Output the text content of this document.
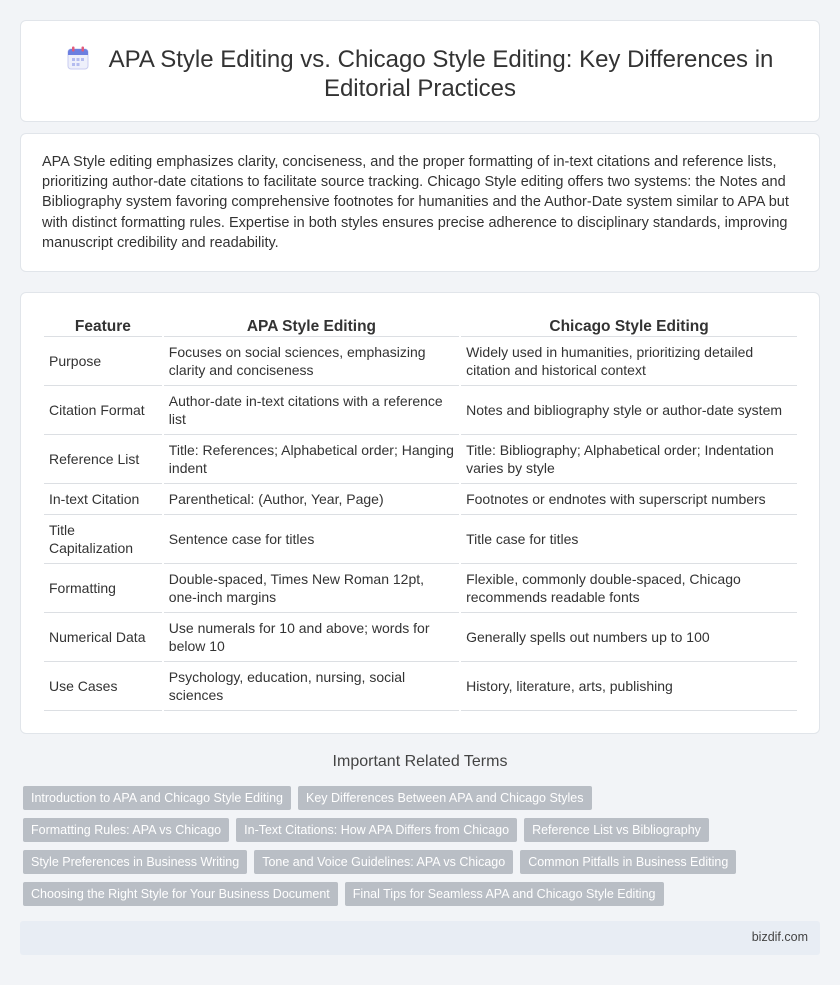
APA Style Editing vs. Chicago Style Editing: Key Differences in Editorial Practices

APA Style editing emphasizes clarity, conciseness, and the proper formatting of in-text citations and reference lists, prioritizing author-date citations to facilitate source tracking. Chicago Style editing offers two systems: the Notes and Bibliography system favoring comprehensive footnotes for humanities and the Author-Date system similar to APA but with distinct formatting rules. Expertise in both styles ensures precise adherence to disciplinary standards, improving manuscript credibility and readability.

Feature	APA Style Editing	Chicago Style Editing
Purpose	Focuses on social sciences, emphasizing clarity and conciseness	Widely used in humanities, prioritizing detailed citation and historical context
Citation Format	Author-date in-text citations with a reference list	Notes and bibliography style or author-date system
Reference List	Title: References; Alphabetical order; Hanging indent	Title: Bibliography; Alphabetical order; Indentation varies by style
In-text Citation	Parenthetical: (Author, Year, Page)	Footnotes or endnotes with superscript numbers
Title Capitalization	Sentence case for titles	Title case for titles
Formatting	Double-spaced, Times New Roman 12pt, one-inch margins	Flexible, commonly double-spaced, Chicago recommends readable fonts
Numerical Data	Use numerals for 10 and above; words for below 10	Generally spells out numbers up to 100
Use Cases	Psychology, education, nursing, social sciences	History, literature, arts, publishing
Important Related Terms
Introduction to APA and Chicago Style Editing	Key Differences Between APA and Chicago Styles
Formatting Rules: APA vs Chicago	In-Text Citations: How APA Differs from Chicago	Reference List vs Bibliography
Style Preferences in Business Writing	Tone and Voice Guidelines: APA vs Chicago	Common Pitfalls in Business Editing
Choosing the Right Style for Your Business Document	Final Tips for Seamless APA and Chicago Style Editing
bizdif.com
